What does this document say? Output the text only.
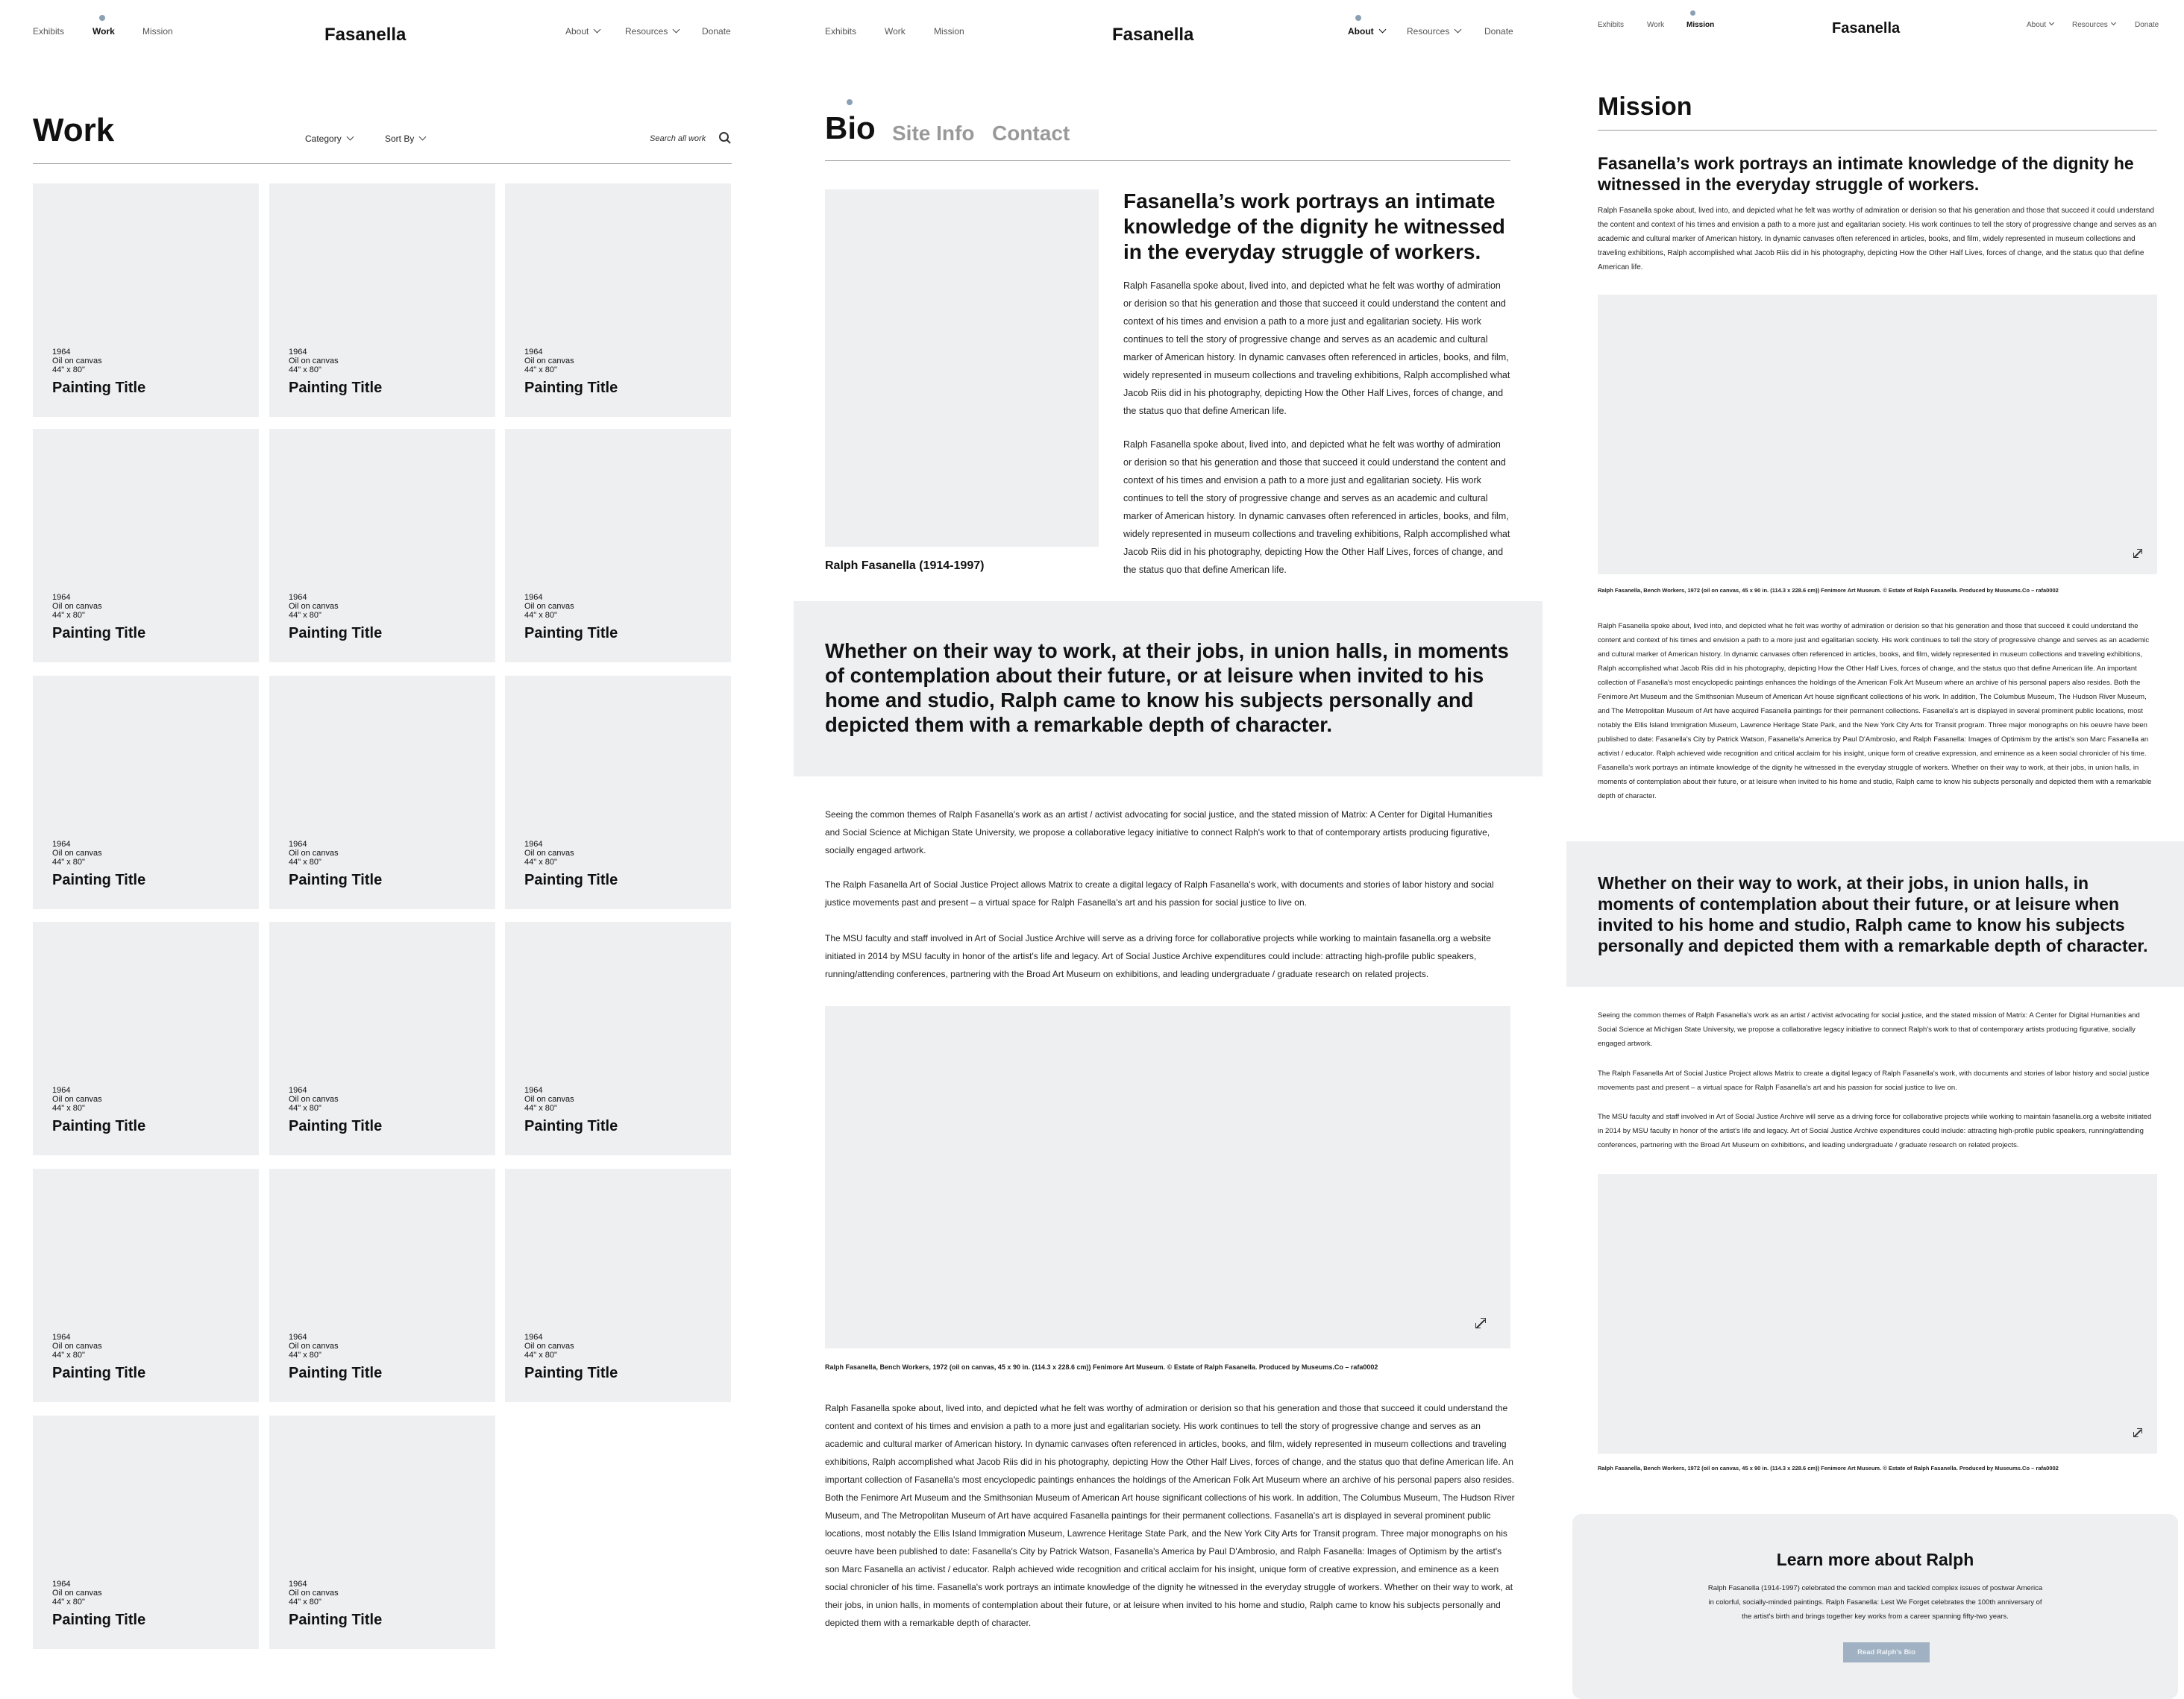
Exhibits	Work	Mission	Fasanella	About	Resources	Donate
Work	Category	Sort By	Search all work
1964
Oil on canvas
44" x 80"
Painting Title
1964
Oil on canvas
44" x 80"
Painting Title
1964
Oil on canvas
44" x 80"
Painting Title
1964
Oil on canvas
44" x 80"
Painting Title
1964
Oil on canvas
44" x 80"
Painting Title
1964
Oil on canvas
44" x 80"
Painting Title
1964
Oil on canvas
44" x 80"
Painting Title
1964
Oil on canvas
44" x 80"
Painting Title
1964
Oil on canvas
44" x 80"
Painting Title
1964
Oil on canvas
44" x 80"
Painting Title
1964
Oil on canvas
44" x 80"
Painting Title
1964
Oil on canvas
44" x 80"
Painting Title
1964
Oil on canvas
44" x 80"
Painting Title
1964
Oil on canvas
44" x 80"
Painting Title
1964
Oil on canvas
44" x 80"
Painting Title
1964
Oil on canvas
44" x 80"
Painting Title
1964
Oil on canvas
44" x 80"
Painting Title
Exhibits	Work	Mission	Fasanella	About	Resources	Donate
Bio Site Info Contact
Ralph Fasanella (1914-1997)
Fasanella’s work portrays an intimate knowledge of the dignity he witnessed in the everyday struggle of workers.
Ralph Fasanella spoke about, lived into, and depicted what he felt was worthy of admiration or derision so that his generation and those that succeed it could understand the content and context of his times and envision a path to a more just and egalitarian society. His work continues to tell the story of progressive change and serves as an academic and cultural marker of American history. In dynamic canvases often referenced in articles, books, and film, widely represented in museum collections and traveling exhibitions, Ralph accomplished what Jacob Riis did in his photography, depicting How the Other Half Lives, forces of change, and the status quo that define American life.
Ralph Fasanella spoke about, lived into, and depicted what he felt was worthy of admiration or derision so that his generation and those that succeed it could understand the content and context of his times and envision a path to a more just and egalitarian society. His work continues to tell the story of progressive change and serves as an academic and cultural marker of American history. In dynamic canvases often referenced in articles, books, and film, widely represented in museum collections and traveling exhibitions, Ralph accomplished what Jacob Riis did in his photography, depicting How the Other Half Lives, forces of change, and the status quo that define American life.
Whether on their way to work, at their jobs, in union halls, in moments of contemplation about their future, or at leisure when invited to his home and studio, Ralph came to know his subjects personally and depicted them with a remarkable depth of character.
Seeing the common themes of Ralph Fasanella's work as an artist / activist advocating for social justice, and the stated mission of Matrix: A Center for Digital Humanities and Social Science at Michigan State University, we propose a collaborative legacy initiative to connect Ralph's work to that of contemporary artists producing figurative, socially engaged artwork.
The Ralph Fasanella Art of Social Justice Project allows Matrix to create a digital legacy of Ralph Fasanella's work, with documents and stories of labor history and social justice movements past and present – a virtual space for Ralph Fasanella's art and his passion for social justice to live on.
The MSU faculty and staff involved in Art of Social Justice Archive will serve as a driving force for collaborative projects while working to maintain fasanella.org a website initiated in 2014 by MSU faculty in honor of the artist's life and legacy. Art of Social Justice Archive expenditures could include: attracting high-profile public speakers, running/attending conferences, partnering with the Broad Art Museum on exhibitions, and leading undergraduate / graduate research on related projects.
Ralph Fasanella, Bench Workers, 1972 (oil on canvas, 45 x 90 in. (114.3 x 228.6 cm)) Fenimore Art Museum. © Estate of Ralph Fasanella. Produced by Museums.Co – rafa0002
Ralph Fasanella spoke about, lived into, and depicted what he felt was worthy of admiration or derision so that his generation and those that succeed it could understand the content and context of his times and envision a path to a more just and egalitarian society. His work continues to tell the story of progressive change and serves as an academic and cultural marker of American history. In dynamic canvases often referenced in articles, books, and film, widely represented in museum collections and traveling exhibitions, Ralph accomplished what Jacob Riis did in his photography, depicting How the Other Half Lives, forces of change, and the status quo that define American life. An important collection of Fasanella's most encyclopedic paintings enhances the holdings of the American Folk Art Museum where an archive of his personal papers also resides. Both the Fenimore Art Museum and the Smithsonian Museum of American Art house significant collections of his work. In addition, The Columbus Museum, The Hudson River Museum, and The Metropolitan Museum of Art have acquired Fasanella paintings for their permanent collections. Fasanella's art is displayed in several prominent public locations, most notably the Ellis Island Immigration Museum, Lawrence Heritage State Park, and the New York City Arts for Transit program. Three major monographs on his oeuvre have been published to date: Fasanella's City by Patrick Watson, Fasanella's America by Paul D'Ambrosio, and Ralph Fasanella: Images of Optimism by the artist's son Marc Fasanella an activist / educator. Ralph achieved wide recognition and critical acclaim for his insight, unique form of creative expression, and eminence as a keen social chronicler of his time. Fasanella's work portrays an intimate knowledge of the dignity he witnessed in the everyday struggle of workers. Whether on their way to work, at their jobs, in union halls, in moments of contemplation about their future, or at leisure when invited to his home and studio, Ralph came to know his subjects personally and depicted them with a remarkable depth of character.
Exhibits	Work	Mission	Fasanella	About	Resources	Donate
Mission
Fasanella’s work portrays an intimate knowledge of the dignity he witnessed in the everyday struggle of workers.
Ralph Fasanella spoke about, lived into, and depicted what he felt was worthy of admiration or derision so that his generation and those that succeed it could understand the content and context of his times and envision a path to a more just and egalitarian society. His work continues to tell the story of progressive change and serves as an academic and cultural marker of American history. In dynamic canvases often referenced in articles, books, and film, widely represented in museum collections and traveling exhibitions, Ralph accomplished what Jacob Riis did in his photography, depicting How the Other Half Lives, forces of change, and the status quo that define American life.
Ralph Fasanella, Bench Workers, 1972 (oil on canvas, 45 x 90 in. (114.3 x 228.6 cm)) Fenimore Art Museum. © Estate of Ralph Fasanella. Produced by Museums.Co – rafa0002
Ralph Fasanella spoke about, lived into, and depicted what he felt was worthy of admiration or derision so that his generation and those that succeed it could understand the content and context of his times and envision a path to a more just and egalitarian society. His work continues to tell the story of progressive change and serves as an academic and cultural marker of American history. In dynamic canvases often referenced in articles, books, and film, widely represented in museum collections and traveling exhibitions, Ralph accomplished what Jacob Riis did in his photography, depicting How the Other Half Lives, forces of change, and the status quo that define American life. An important collection of Fasanella's most encyclopedic paintings enhances the holdings of the American Folk Art Museum where an archive of his personal papers also resides. Both the Fenimore Art Museum and the Smithsonian Museum of American Art house significant collections of his work. In addition, The Columbus Museum, The Hudson River Museum, and The Metropolitan Museum of Art have acquired Fasanella paintings for their permanent collections. Fasanella's art is displayed in several prominent public locations, most notably the Ellis Island Immigration Museum, Lawrence Heritage State Park, and the New York City Arts for Transit program. Three major monographs on his oeuvre have been published to date: Fasanella's City by Patrick Watson, Fasanella's America by Paul D'Ambrosio, and Ralph Fasanella: Images of Optimism by the artist's son Marc Fasanella an activist / educator. Ralph achieved wide recognition and critical acclaim for his insight, unique form of creative expression, and eminence as a keen social chronicler of his time. Fasanella's work portrays an intimate knowledge of the dignity he witnessed in the everyday struggle of workers. Whether on their way to work, at their jobs, in union halls, in moments of contemplation about their future, or at leisure when invited to his home and studio, Ralph came to know his subjects personally and depicted them with a remarkable depth of character.
Whether on their way to work, at their jobs, in union halls, in moments of contemplation about their future, or at leisure when invited to his home and studio, Ralph came to know his subjects personally and depicted them with a remarkable depth of character.
Seeing the common themes of Ralph Fasanella's work as an artist / activist advocating for social justice, and the stated mission of Matrix: A Center for Digital Humanities and Social Science at Michigan State University, we propose a collaborative legacy initiative to connect Ralph's work to that of contemporary artists producing figurative, socially engaged artwork.
The Ralph Fasanella Art of Social Justice Project allows Matrix to create a digital legacy of Ralph Fasanella's work, with documents and stories of labor history and social justice movements past and present – a virtual space for Ralph Fasanella's art and his passion for social justice to live on.
The MSU faculty and staff involved in Art of Social Justice Archive will serve as a driving force for collaborative projects while working to maintain fasanella.org a website initiated in 2014 by MSU faculty in honor of the artist's life and legacy. Art of Social Justice Archive expenditures could include: attracting high-profile public speakers, running/attending conferences, partnering with the Broad Art Museum on exhibitions, and leading undergraduate / graduate research on related projects.
Ralph Fasanella, Bench Workers, 1972 (oil on canvas, 45 x 90 in. (114.3 x 228.6 cm)) Fenimore Art Museum. © Estate of Ralph Fasanella. Produced by Museums.Co – rafa0002
Learn more about Ralph
Ralph Fasanella (1914-1997) celebrated the common man and tackled complex issues of postwar America in colorful, socially-minded paintings. Ralph Fasanella: Lest We Forget celebrates the 100th anniversary of the artist's birth and brings together key works from a career spanning fifty-two years.
Read Ralph's Bio
